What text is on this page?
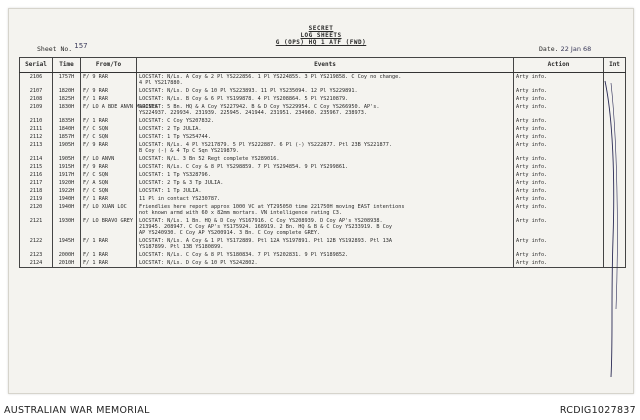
SECRET
LOG SHEETS
G (OPS) HQ 1 ATF (FWD)
Sheet No. 157	Date. 22 Jan 68
Serial	Time	From/To	Events	Action	Int
2106	1757H	F/ 9 RAR	LOCSTAT: N/Ls. A Coy & 2 Pl YS222856. 1 Pl YS224855. 3 Pl YS219858. C Coy no change.
4 Pl YS217880.	Arty info.	
2107	1820H	F/ 9 RAR	LOCSTAT: N/Ls. D Coy & 10 Pl YS223893. 11 Pl YS235094. 12 Pl YS229891.	Arty info.	
2108	1825H	F/ 1 RAR	LOCSTAT: N/Ls. B Coy & 6 Pl YS199878. 4 Pl YS208864. 5 Pl YS210879.	Arty info.	
2109	1830H	F/ LO A BDE ANVN MARINES	LOCSTAT: 5 Bn. HQ & A Coy YS227942. B & D Coy YS229954. C Coy YS266950. AP's.
YS224937. 229934. 231939. 225945. 241944. 231951. 234960. 235967. 238973.	Arty info.	
2110	1835H	F/ 1 RAR	LOCSTAT: C Coy YS207832.	Arty info.	
2111	1840H	F/ C SQN	LOCSTAT: 2 Tp JULIA.	Arty info.	
2112	1857H	F/ C SQN	LOCSTAT: 1 Tp YS254744.	Arty info.	
2113	1905H	F/ 9 RAR	LOCSTAT: N/Ls. 4 Pl YS217879. 5 Pl YS222887. 6 Pl (-) YS222877. Ptl 23B YS221877.
B Coy (-) & 4 Tp C Sqn YS219879.	Arty info.	
2114	1905H	F/ LO ANVN	LOCSTAT: N/L. 3 Bn 52 Regt complete YS289016.	Arty info.	
2115	1915H	F/ 9 RAR	LOCSTAT: N/Ls. C Coy & 8 Pl YS298859. 7 Pl YS294854. 9 Pl YS299861.	Arty info.	
2116	1917H	F/ C SQN	LOCSTAT: 1 Tp YS328796.	Arty info.	
2117	1920H	F/ A SQN	LOCSTAT: 2 Tp & 3 Tp JULIA.	Arty info.	
2118	1922H	F/ C SQN	LOCSTAT: 1 Tp JULIA.	Arty info.	
2119	1940H	F/ 1 RAR	11 Pl in contact YS230787.	Arty info.	
2120	1940H	F/ LO XUAN LOC	Friendlies here report approx 1000 VC at YT295050 time 221750H moving EAST intentions
not known armd with 60 x 82mm mortars. VN intelligence rating C3.	Arty info.	
2121	1930H	F/ LO BRAVO GREY	LOCSTAT: N/Ls. 1 Bn. HQ & D Coy YS167916. C Coy YS208939. D Coy AP's YS208938.
213945. 208947. C Coy AP's YS175924. 168919. 2 Bn. HQ & B & C Coy YS233919. B Coy
AP YS240930. C Coy AP YS200914. 3 Bn. C Coy complete GREY.	Arty info.	
2122	1945H	F/ 1 RAR	LOCSTAT: N/Ls. A Coy & 1 Pl YS172889. Ptl 12A YS197891. Ptl 12B YS192893. Ptl 13A
YS187899. Ptl 13B YS180899.	Arty info.	
2123	2000H	F/ 1 RAR	LOCSTAT: N/Ls. C Coy & 8 Pl YS180834. 7 Pl YS202831. 9 Pl YS189852.	Arty info.	
2124	2010H	F/ 1 RAR	LOCSTAT: N/Ls. D Coy & 10 Pl YS242802.	Arty info.	
AUSTRALIAN WAR MEMORIAL	RCDIG1027837
